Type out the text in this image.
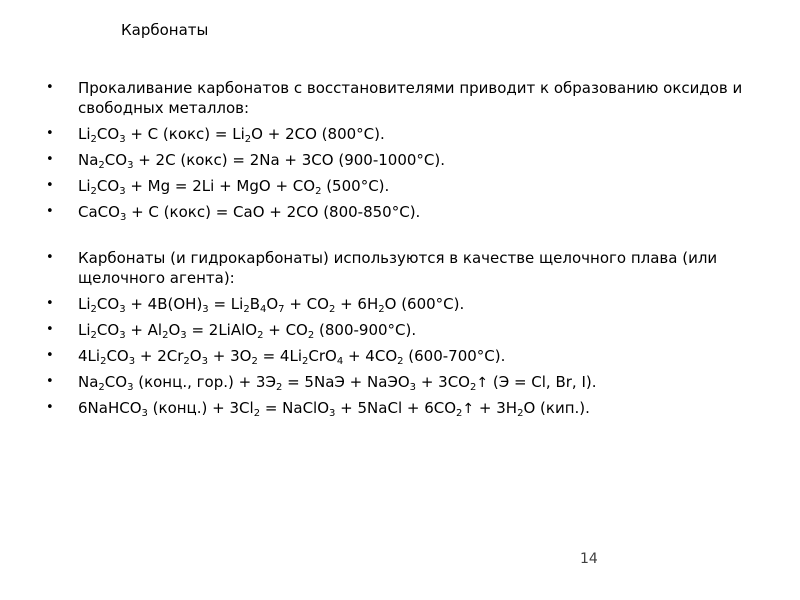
Карбонаты
• Прокаливание карбонатов с восстановителями приводит к образованию оксидов и свободных металлов:
• $Li_2CO_3 + C$ (кокс) = $Li_2O + 2CO$ (800°C).
• $Na_2CO_3 + 2C$ (кокс) = 2Na + 3CO (900-1000°C).
• $Li_2CO_3 + Mg = 2Li$ + MgO + $CO_2$ (500°C).
• CaCO$_3$ + C (кокс) = CaO + 2CO (800-850°C).
• Карбонаты (и гидрокарбонаты) используются в качестве щелочного плава (или щелочного агента):
• $Li_2CO_3 + 4B(OH)_3 = Li_2B_4O_7 + CO_2 + 6H_2O$ (600°C).
• $Li_2CO_3 + Al_2O_3$ = 2LiAlO$_2$ + $CO_2$ (800-900°C).
• $4Li_2CO_3 + 2Cr_2O_3 + 3O_2 = 4Li_2CrO_4 + 4CO_2$ (600-700°C).
• $Na_2CO_3$ (конц., $гор.) + 3Э_2 = 5NaЭ$ + NaЭO$_3$ + $3CO_2↑$ (Э = Cl, Br, I).
• 6NaHCO$_3$ (конц.) + $3Cl_2$ = NaClO$_3$ + 5NaCl + $6CO_2↑ + 3H_2O$ (кип.).
14
